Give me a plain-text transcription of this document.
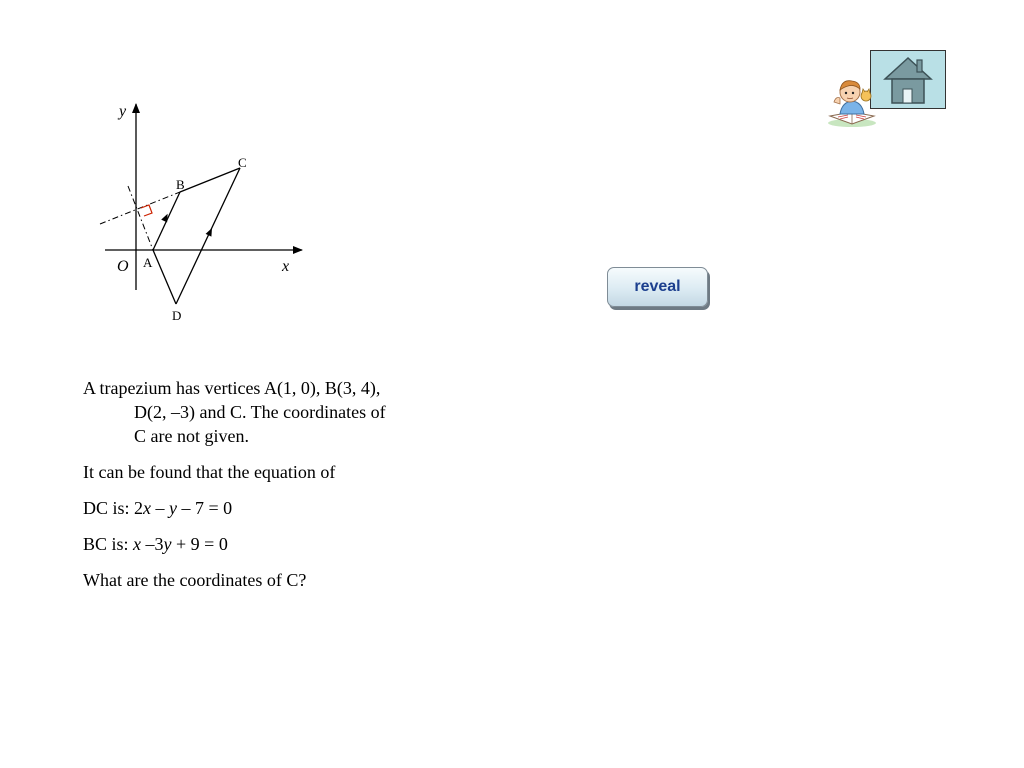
y
x
O A
B
C
D

A trapezium has vertices A(1, 0), B(3, 4),
D(2, –3) and C. The coordinates of
C are not given.

It can be found that the equation of

DC is: 2x – y – 7 = 0

BC is: x –3y + 9 = 0

What are the coordinates of C?

reveal
